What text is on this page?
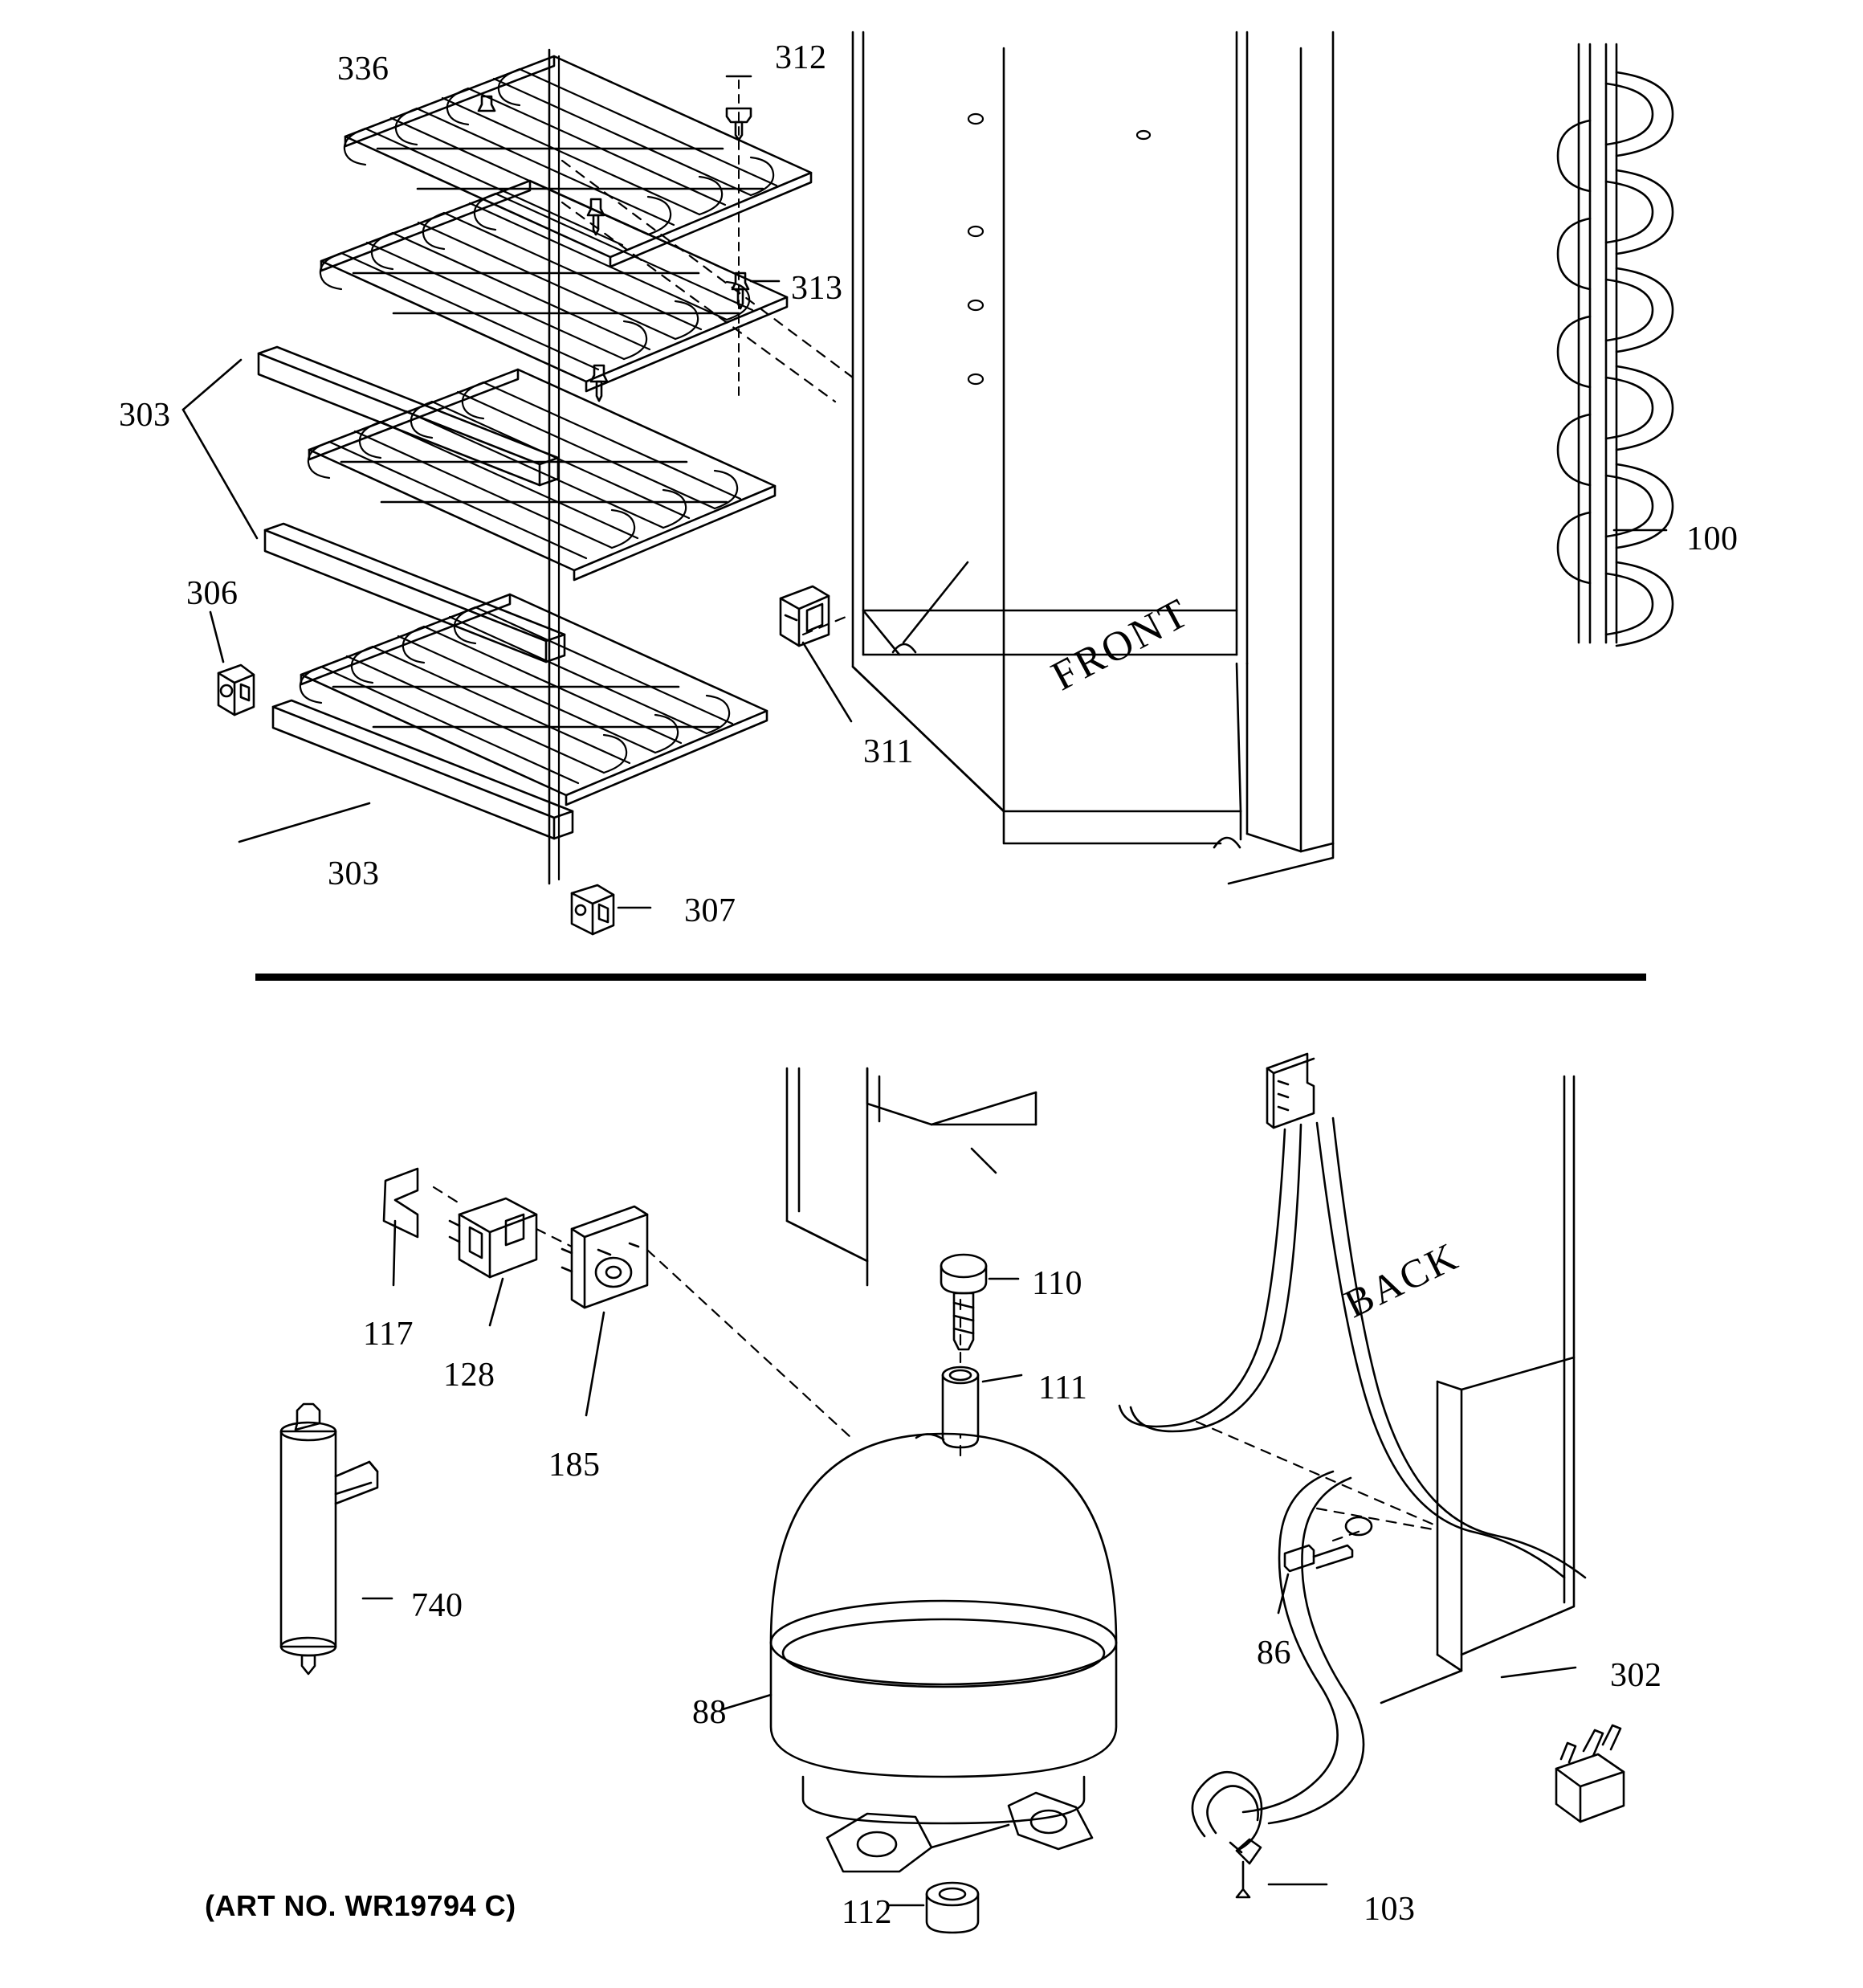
336	312
313
303
306
311
303
307
100
110
111
117
128
185
740
88
86
302
112	103
FRONT
BACK
(ART NO. WR19794 C)
